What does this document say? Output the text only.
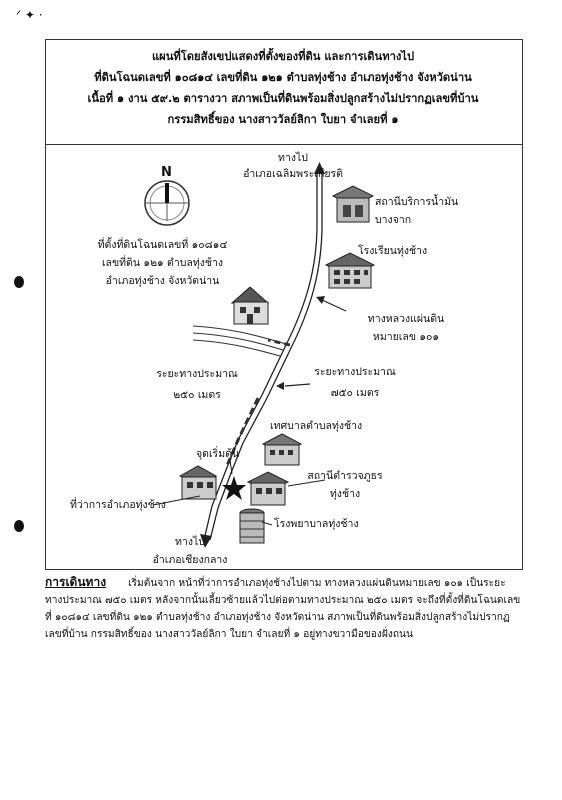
ᐟ ✦ ·
แผนที่โดยสังเขปแสดงที่ตั้งของที่ดิน และการเดินทางไป
ที่ดินโฉนดเลขที่ ๑๐๘๑๔ เลขที่ดิน ๑๒๑ ตำบลทุ่งช้าง อำเภอทุ่งช้าง จังหวัดน่าน
เนื้อที่ ๑ งาน ๕๙.๒ ตารางวา สภาพเป็นที่ดินพร้อมสิ่งปลูกสร้างไม่ปรากฏเลขที่บ้าน
กรรมสิทธิ์ของ นางสาววัลย์ลิกา ใบยา จำเลยที่ ๑
N
ทางไป
อำเภอเฉลิมพระเกียรติ
สถานีบริการน้ำมัน
บางจาก
โรงเรียนทุ่งช้าง
ที่ตั้งที่ดินโฉนดเลขที่ ๑๐๘๑๔
เลขที่ดิน ๑๒๑ ตำบลทุ่งช้าง
อำเภอทุ่งช้าง จังหวัดน่าน
ทางหลวงแผ่นดิน
หมายเลข ๑๐๑
ระยะทางประมาณ
๒๕๐ เมตร
ระยะทางประมาณ
๗๕๐ เมตร
เทศบาลตำบลทุ่งช้าง
จุดเริ่มต้น
สถานีตำรวจภูธร
ทุ่งช้าง
ที่ว่าการอำเภอทุ่งช้าง
โรงพยาบาลทุ่งช้าง
ทางไป
อำเภอเชียงกลาง
การเดินทาง เริ่มต้นจาก หน้าที่ว่าการอำเภอทุ่งช้างไปตาม ทางหลวงแผ่นดินหมายเลข ๑๐๑ เป็นระยะทางประมาณ ๗๕๐ เมตร หลังจากนั้นเลี้ยวซ้ายแล้วไปต่อตามทางประมาณ ๒๕๐ เมตร จะถึงที่ตั้งที่ดินโฉนดเลขที่ ๑๐๘๑๔ เลขที่ดิน ๑๒๑ ตำบลทุ่งช้าง อำเภอทุ่งช้าง จังหวัดน่าน สภาพเป็นที่ดินพร้อมสิ่งปลูกสร้างไม่ปรากฏเลขที่บ้าน กรรมสิทธิ์ของ นางสาววัลย์ลิกา ใบยา จำเลยที่ ๑ อยู่ทางขวามือของฝั่งถนน
